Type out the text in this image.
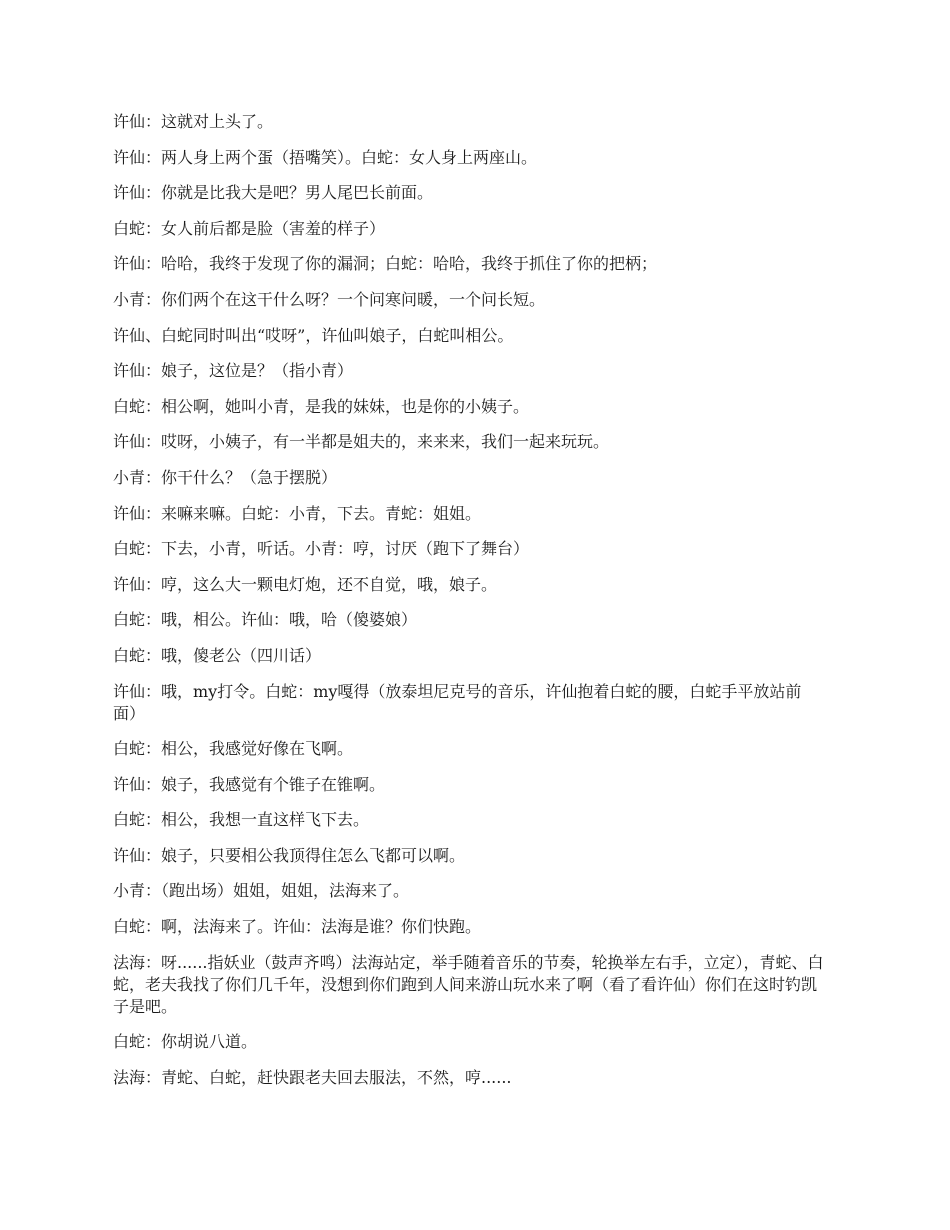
许仙：这就对上头了。

许仙：两人身上两个蛋（捂嘴笑）。白蛇：女人身上两座山。

许仙：你就是比我大是吧？男人尾巴长前面。

白蛇：女人前后都是脸（害羞的样子）

许仙：哈哈，我终于发现了你的漏洞；白蛇：哈哈，我终于抓住了你的把柄；

小青：你们两个在这干什么呀？一个问寒问暖，一个问长短。

许仙、白蛇同时叫出“哎呀”，许仙叫娘子，白蛇叫相公。

许仙：娘子，这位是？（指小青）

白蛇：相公啊，她叫小青，是我的妹妹，也是你的小姨子。

许仙：哎呀，小姨子，有一半都是姐夫的，来来来，我们一起来玩玩。

小青：你干什么？（急于摆脱）

许仙：来嘛来嘛。白蛇：小青，下去。青蛇：姐姐。

白蛇：下去，小青，听话。小青：哼，讨厌（跑下了舞台）

许仙：哼，这么大一颗电灯炮，还不自觉，哦，娘子。

白蛇：哦，相公。许仙：哦，哈（傻婆娘）

白蛇：哦，傻老公（四川话）

许仙：哦，my打令。白蛇：my嘎得（放泰坦尼克号的音乐，许仙抱着白蛇的腰，白蛇手平放站前面）

白蛇：相公，我感觉好像在飞啊。

许仙：娘子，我感觉有个锥子在锥啊。

白蛇：相公，我想一直这样飞下去。

许仙：娘子，只要相公我顶得住怎么飞都可以啊。

小青：（跑出场）姐姐，姐姐，法海来了。

白蛇：啊，法海来了。许仙：法海是谁？你们快跑。

法海：呀......指妖业（鼓声齐鸣）法海站定，举手随着音乐的节奏，轮换举左右手，立定），青蛇、白蛇，老夫我找了你们几千年，没想到你们跑到人间来游山玩水来了啊（看了看许仙）你们在这时钓凯子是吧。

白蛇：你胡说八道。

法海：青蛇、白蛇，赶快跟老夫回去服法，不然，哼......
